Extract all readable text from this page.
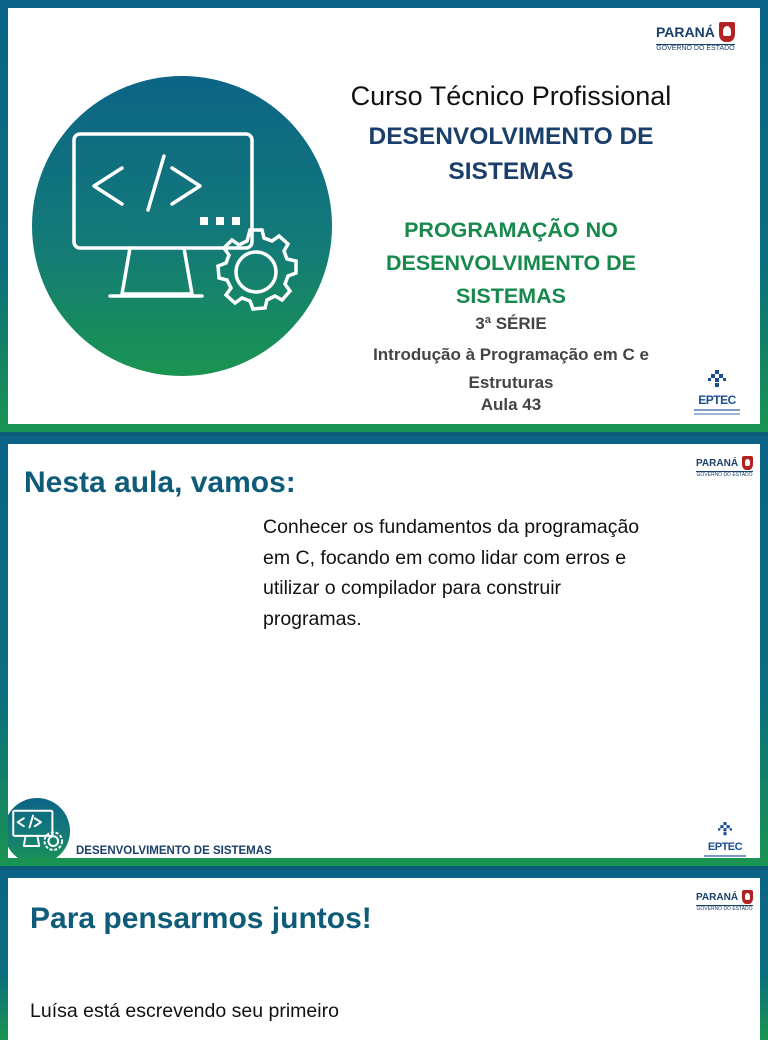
PARANÁ
GOVERNO DO ESTADO
Curso Técnico Profissional
DESENVOLVIMENTO DE
SISTEMAS
PROGRAMAÇÃO NO
DESENVOLVIMENTO DE
SISTEMAS
3ª SÉRIE
Introdução à Programação em C e
Estruturas
Aula 43	EPTEC
Nesta aula, vamos:
PARANÁ
GOVERNO DO ESTADO
Conhecer os fundamentos da programação
em C, focando em como lidar com erros e
utilizar o compilador para construir
programas.
DESENVOLVIMENTO DE SISTEMAS	EPTEC
Para pensarmos juntos!
PARANÁ
GOVERNO DO ESTADO
Luísa está escrevendo seu primeiro
